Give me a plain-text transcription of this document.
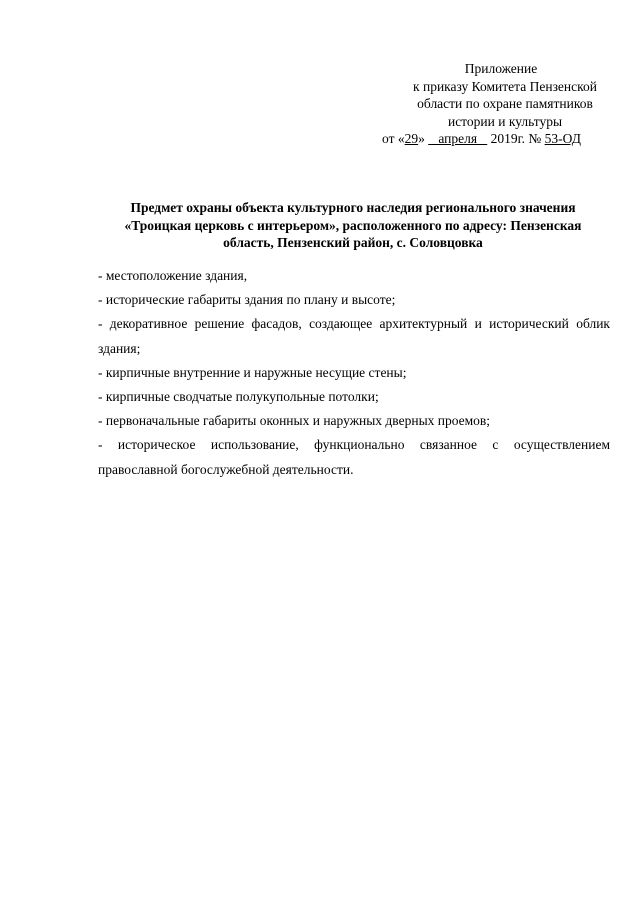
Приложение
к приказу Комитета Пензенской
области по охране памятников
истории и культуры
от «29»    апреля    2019г. № 53-ОД
Предмет охраны объекта культурного наследия регионального значения
«Троицкая церковь с интерьером», расположенного по адресу: Пензенская
область, Пензенский район, с. Соловцовка
- местоположение здания,
- исторические габариты здания по плану и высоте;
- декоративное решение фасадов, создающее архитектурный и исторический облик здания;
- кирпичные внутренние и наружные несущие стены;
- кирпичные сводчатые полукупольные потолки;
- первоначальные габариты оконных и наружных дверных проемов;
- историческое использование, функционально связанное с осуществлением православной богослужебной деятельности.
